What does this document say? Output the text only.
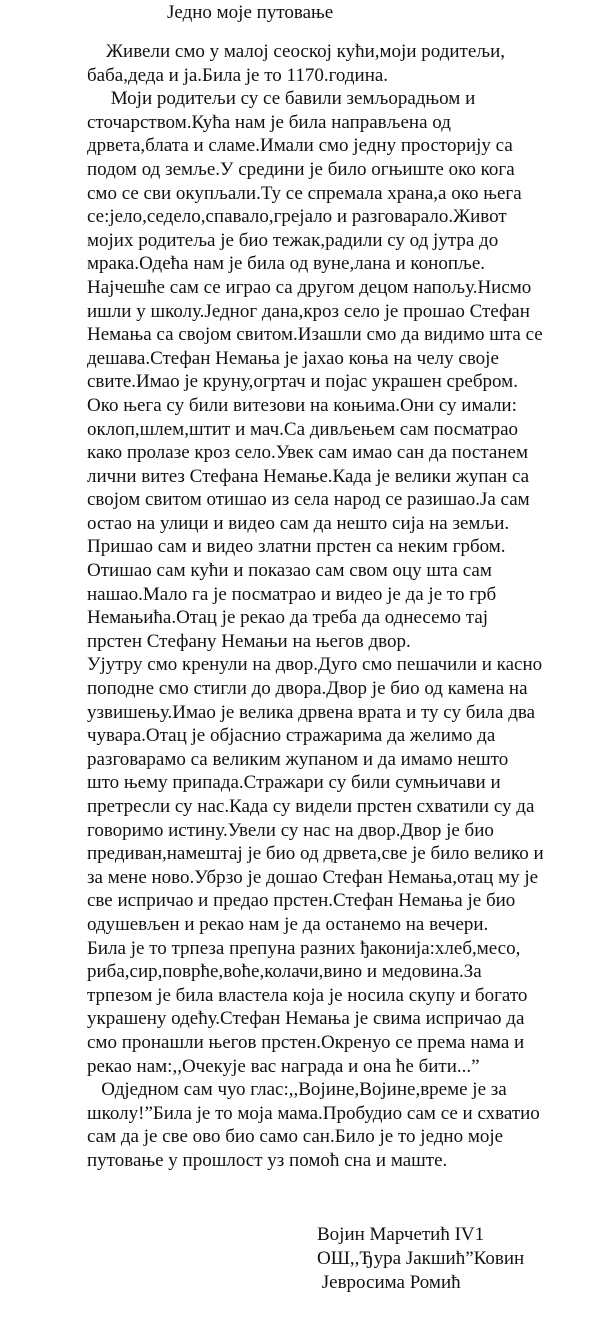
Једно моје путовање
Живели смо у малој сеоској кући,моји родитељи,
баба,деда и ја.Била је то 1170.година.
Моји родитељи су се бавили земљорадњом и
сточарством.Кућа нам је била направљена од
дрвета,блата и сламе.Имали смо једну просторију са
подом од земље.У средини је било огњиште око кога
смо се сви окупљали.Ту се спремала храна,а око њега
се:јело,седело,спавало,грејало и разговарало.Живот
мојих родитеља је био тежак,радили су од јутра до
мрака.Одећа нам је била од вуне,лана и конопље.
Најчешће сам се играо са другом децом напољу.Нисмо
ишли у школу.Једног дана,кроз село је прошао Стефан
Немања са својом свитом.Изашли смо да видимо шта се
дешава.Стефан Немања је јахао коња на челу своје
свите.Имао је круну,огртач и појас украшен сребром.
Око њега су били витезови на коњима.Они су имали:
оклоп,шлем,штит и мач.Са дивљењем сам посматрао
како пролазе кроз село.Увек сам имао сан да постанем
лични витез Стефана Немање.Када је велики жупан са
својом свитом отишао из села народ се разишао.Ја сам
остао на улици и видео сам да нешто сија на земљи.
Пришао сам и видео златни прстен са неким грбом.
Отишао сам кући и показао сам свом оцу шта сам
нашао.Мало га је посматрао и видео је да је то грб
Немањића.Отац је рекао да треба да однесемо тај
прстен Стефану Немањи на његов двор.
Ујутру смо кренули на двор.Дуго смо пешачили и касно
поподне смо стигли до двора.Двор је био од камена на
узвишењу.Имао је велика дрвена врата и ту су била два
чувара.Отац је објаснио стражарима да желимо да
разговарамо са великим жупаном и да имамо нешто
што њему припада.Стражари су били сумњичави и
претресли су нас.Када су видели прстен схватили су да
говоримо истину.Увели су нас на двор.Двор је био
предиван,намештај је био од дрвета,све је било велико и
за мене ново.Убрзо је дошао Стефан Немања,отац му је
све испричао и предао прстен.Стефан Немања је био
одушевљен и рекао нам је да останемо на вечери.
Била је то трпеза препуна разних ђаконија:хлеб,месо,
риба,сир,поврће,воће,колачи,вино и медовина.За
трпезом је била властела која је носила скупу и богато
украшену одећу.Стефан Немања је свима испричао да
смо пронашли његов прстен.Окренуо се према нама и
рекао нам:,,Очекује вас награда и она ће бити...”
Одједном сам чуо глас:,,Војине,Војине,време је за
школу!”Била је то моја мама.Пробудио сам се и схватио
сам да је све ово био само сан.Било је то једно моје
путовање у прошлост уз помоћ сна и маште.
Војин Марчетић IV1
ОШ,,Ђура Јакшић”Ковин
Јевросима Ромић
